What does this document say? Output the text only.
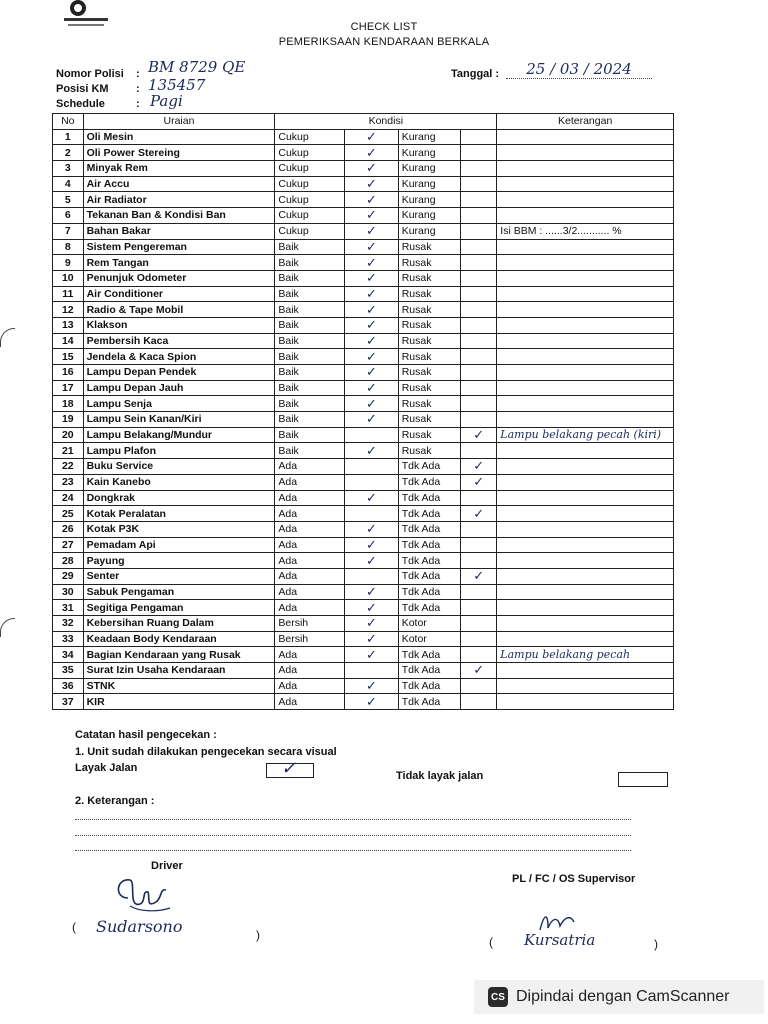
CHECK LIST
PEMERIKSAAN KENDARAAN BERKALA
Nomor Polisi : BM 8729 QE
Posisi KM : 135457
Schedule	: Pagi
Tanggal :	25 / 03 / 2024
No	Uraian	Kondisi				Keterangan
1	Oli Mesin	Cukup	✓	Kurang		
2	Oli Power Stereing	Cukup	✓	Kurang		
3	Minyak Rem	Cukup	✓	Kurang		
4	Air Accu	Cukup	✓	Kurang		
5	Air Radiator	Cukup	✓	Kurang		
6	Tekanan Ban & Kondisi Ban	Cukup	✓	Kurang		
7	Bahan Bakar	Cukup	✓	Kurang		Isi BBM : ......3/2........... %
8	Sistem Pengereman	Baik	✓	Rusak		
9	Rem Tangan	Baik	✓	Rusak		
10	Penunjuk Odometer	Baik	✓	Rusak		
11	Air Conditioner	Baik	✓	Rusak		
12	Radio & Tape Mobil	Baik	✓	Rusak		
13	Klakson	Baik	✓	Rusak		
14	Pembersih Kaca	Baik	✓	Rusak		
15	Jendela & Kaca Spion	Baik	✓	Rusak		
16	Lampu Depan Pendek	Baik	✓	Rusak		
17	Lampu Depan Jauh	Baik	✓	Rusak		
18	Lampu Senja	Baik	✓	Rusak		
19	Lampu Sein Kanan/Kiri	Baik	✓	Rusak		
20	Lampu Belakang/Mundur	Baik		Rusak	✓	Lampu belakang pecah (kiri)
21	Lampu Plafon	Baik	✓	Rusak		
22	Buku Service	Ada		Tdk Ada	✓	
23	Kain Kanebo	Ada		Tdk Ada	✓	
24	Dongkrak	Ada	✓	Tdk Ada		
25	Kotak Peralatan	Ada		Tdk Ada	✓	
26	Kotak P3K	Ada	✓	Tdk Ada		
27	Pemadam Api	Ada	✓	Tdk Ada		
28	Payung	Ada	✓	Tdk Ada		
29	Senter	Ada		Tdk Ada	✓	
30	Sabuk Pengaman	Ada	✓	Tdk Ada		
31	Segitiga Pengaman	Ada	✓	Tdk Ada		
32	Kebersihan Ruang Dalam	Bersih	✓	Kotor		
33	Keadaan Body Kendaraan	Bersih	✓	Kotor		
34	Bagian Kendaraan yang Rusak	Ada	✓	Tdk Ada		Lampu belakang pecah
35	Surat Izin Usaha Kendaraan	Ada		Tdk Ada	✓	
36	STNK	Ada	✓	Tdk Ada		
37	KIR	Ada	✓	Tdk Ada		
Catatan hasil pengecekan :
1. Unit sudah dilakukan pengecekan secara visual
Layak Jalan	✓	Tidak layak jalan
2. Keterangan :
Driver
( Sudarsono	)
PL / FC / OS Supervisor
( Kursatria	)
CS Dipindai dengan CamScanner
